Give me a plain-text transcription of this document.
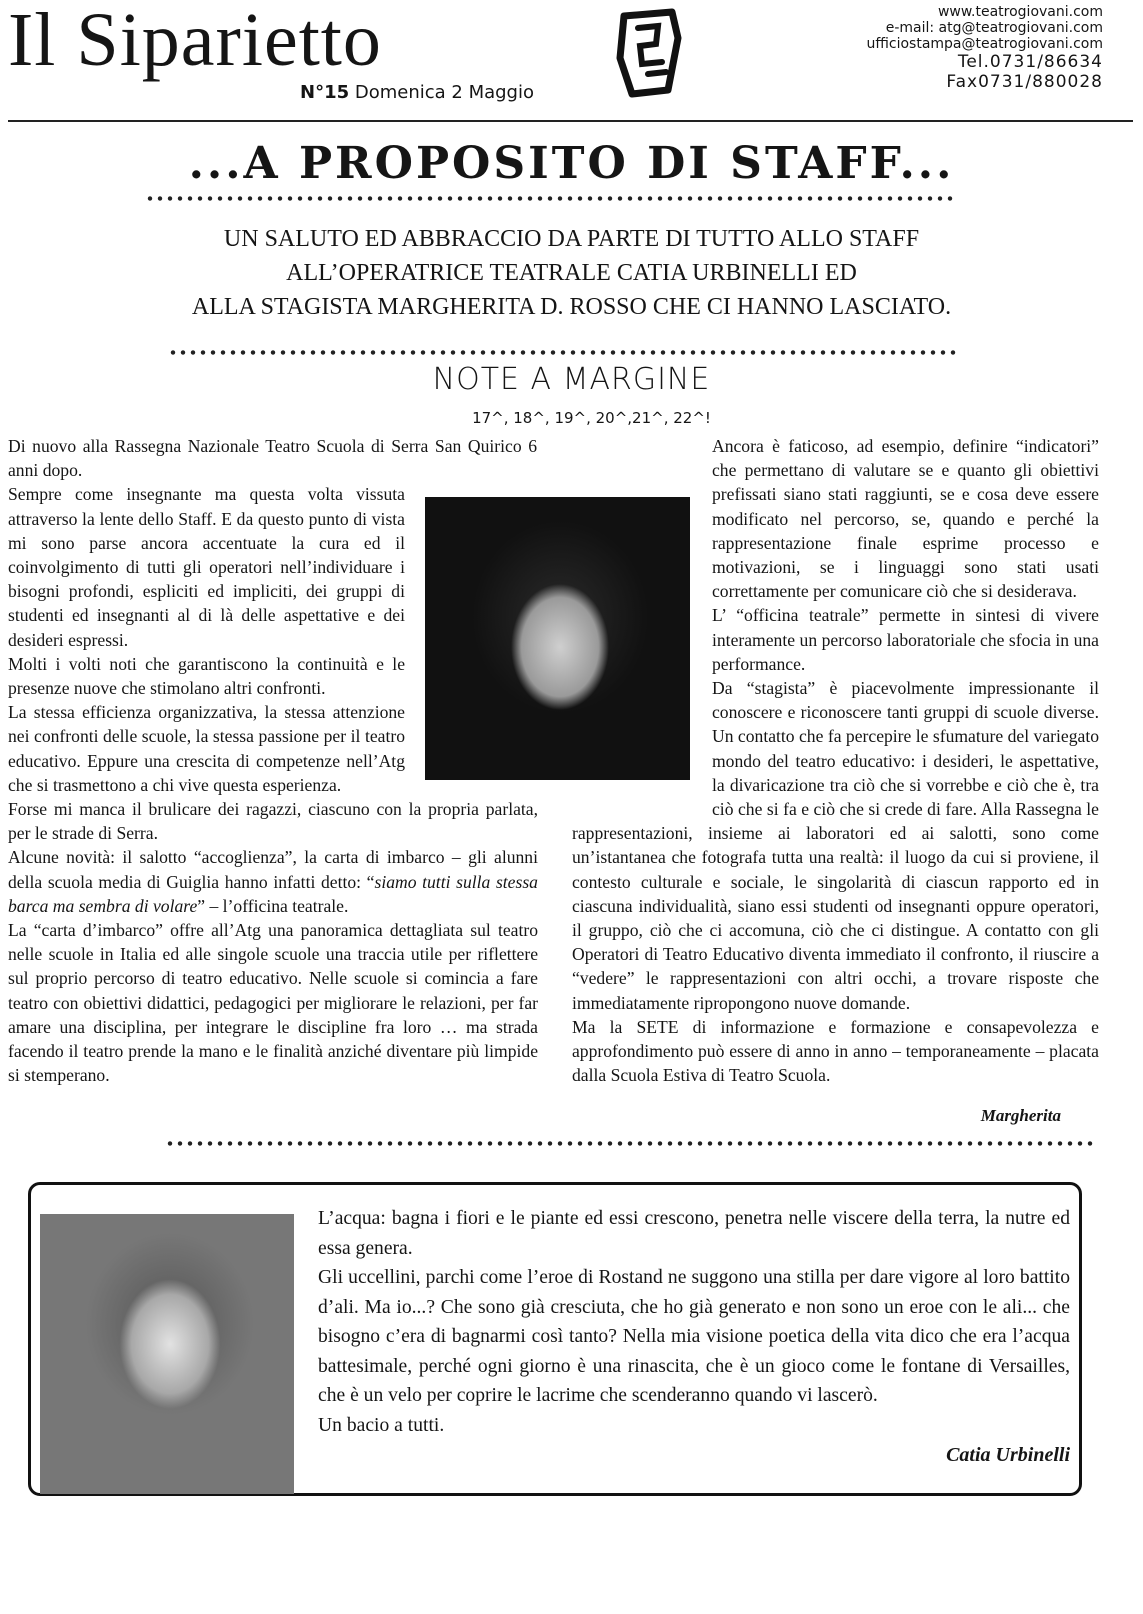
Il Siparietto
N°15 Domenica 2 Maggio
www.teatrogiovani.com
e-mail: atg@teatrogiovani.com
ufficiostampa@teatrogiovani.com
Tel.0731/86634
Fax0731/880028
...A PROPOSITO DI STAFF...
UN SALUTO ED ABBRACCIO DA PARTE DI TUTTO ALLO STAFF
ALL’OPERATRICE TEATRALE CATIA URBINELLI ED
ALLA STAGISTA MARGHERITA D. ROSSO CHE CI HANNO LASCIATO.
NOTE A MARGINE
17^, 18^, 19^, 20^,21^, 22^!

Di nuovo alla Rassegna Nazionale Teatro Scuola di Serra San Quirico 6 anni dopo.

Sempre come insegnante ma questa volta vissuta attraverso la lente dello Staff. E da questo punto di vista mi sono parse ancora accentuate la cura ed il coinvolgimento di tutti gli operatori nell’individuare i bisogni profondi, espliciti ed impliciti, dei gruppi di studenti ed insegnanti al di là delle aspettative e dei desideri espressi.

Molti i volti noti che garantiscono la continuità e le presenze nuove che stimolano altri confronti.

La stessa efficienza organizzativa, la stessa attenzione nei confronti delle scuole, la stessa passione per il teatro educativo. Eppure una crescita di competenze nell’Atg che si trasmettono a chi vive questa esperienza.

Forse mi manca il brulicare dei ragazzi, ciascuno con la propria parlata, per le strade di Serra.

Alcune novità: il salotto “accoglienza”, la carta di imbarco – gli alunni della scuola media di Guiglia hanno infatti detto: “siamo tutti sulla stessa barca ma sembra di volare” – l’officina teatrale.

La “carta d’imbarco” offre all’Atg una panoramica dettagliata sul teatro nelle scuole in Italia ed alle singole scuole una traccia utile per riflettere sul proprio percorso di teatro educativo. Nelle scuole si comincia a fare teatro con obiettivi didattici, pedagogici per migliorare le relazioni, per far amare una disciplina, per integrare le discipline fra loro … ma strada facendo il teatro prende la mano e le finalità anziché diventare più limpide si stemperano.

Ancora è faticoso, ad esempio, definire “indicatori” che permettano di valutare se e quanto gli obiettivi prefissati siano stati raggiunti, se e cosa deve essere modificato nel percorso, se, quando e perché la rappresentazione finale esprime processo e motivazioni, se i linguaggi sono stati usati correttamente per comunicare ciò che si desiderava.

L’ “officina teatrale” permette in sintesi di vivere interamente un percorso laboratoriale che sfocia in una performance.

Da “stagista” è piacevolmente impressionante il conoscere e riconoscere tanti gruppi di scuole diverse. Un contatto che fa percepire le sfumature del variegato mondo del teatro educativo: i desideri, le aspettative, la divaricazione tra ciò che si vorrebbe e ciò che è, tra ciò che si fa e ciò che si crede di fare. Alla Rassegna le rappresentazioni, insieme ai laboratori ed ai salotti, sono come un’istantanea che fotografa tutta una realtà: il luogo da cui si proviene, il contesto culturale e sociale, le singolarità di ciascun rapporto ed in ciascuna individualità, siano essi studenti od insegnanti oppure operatori, il gruppo, ciò che ci accomuna, ciò che ci distingue. A contatto con gli Operatori di Teatro Educativo diventa immediato il confronto, il riuscire a “vedere” le rappresentazioni con altri occhi, a trovare risposte che immediatamente ripropongono nuove domande.

Ma la SETE di informazione e formazione e consapevolezza e approfondimento può essere di anno in anno – temporaneamente – placata dalla Scuola Estiva di Teatro Scuola.

Margherita

L’acqua: bagna i fiori e le piante ed essi crescono, penetra nelle viscere della terra, la nutre ed essa genera.

Gli uccellini, parchi come l’eroe di Rostand ne suggono una stilla per dare vigore al loro battito d’ali. Ma io...? Che sono già cresciuta, che ho già generato e non sono un eroe con le ali... che bisogno c’era di bagnarmi così tanto? Nella mia visione poetica della vita dico che era l’acqua battesimale, perché ogni giorno è una rinascita, che è un gioco come le fontane di Versailles, che è un velo per coprire le lacrime che scenderanno quando vi lascerò.

Un bacio a tutti.

Catia Urbinelli
